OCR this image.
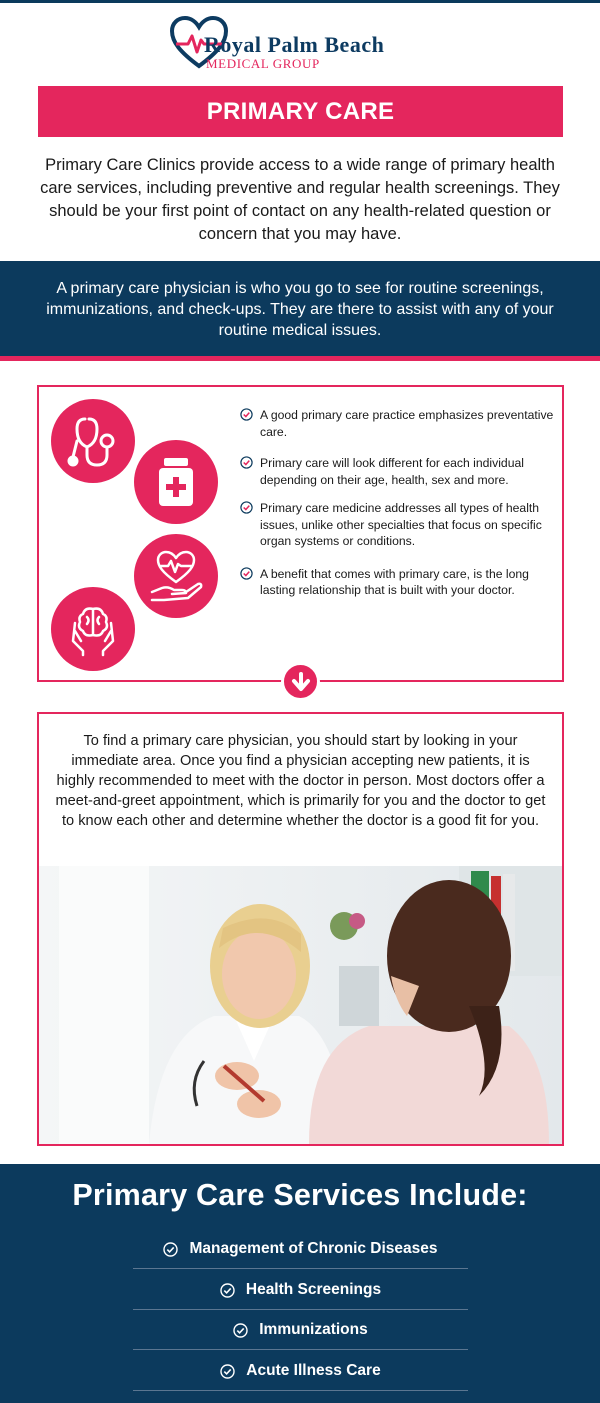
Royal Palm Beach
MEDICAL GROUP
PRIMARY CARE

Primary Care Clinics provide access to a wide range of primary health care services, including preventive and regular health screenings. They should be your first point of contact on any health-related question or concern that you may have.

A primary care physician is who you go to see for routine screenings, immunizations, and check-ups. They are there to assist with any of your routine medical issues.

A good primary care practice emphasizes preventative care.
Primary care will look different for each individual depending on their age, health, sex and more.
Primary care medicine addresses all types of health issues, unlike other specialties that focus on specific organ systems or conditions.
A benefit that comes with primary care, is the long lasting relationship that is built with your doctor.

To find a primary care physician, you should start by looking in your immediate area. Once you find a physician accepting new patients, it is highly recommended to meet with the doctor in person. Most doctors offer a meet-and-greet appointment, which is primarily for you and the doctor to get to know each other and determine whether the doctor is a good fit for you.

Primary Care Services Include:
Management of Chronic Diseases
Health Screenings
Immunizations
Acute Illness Care
